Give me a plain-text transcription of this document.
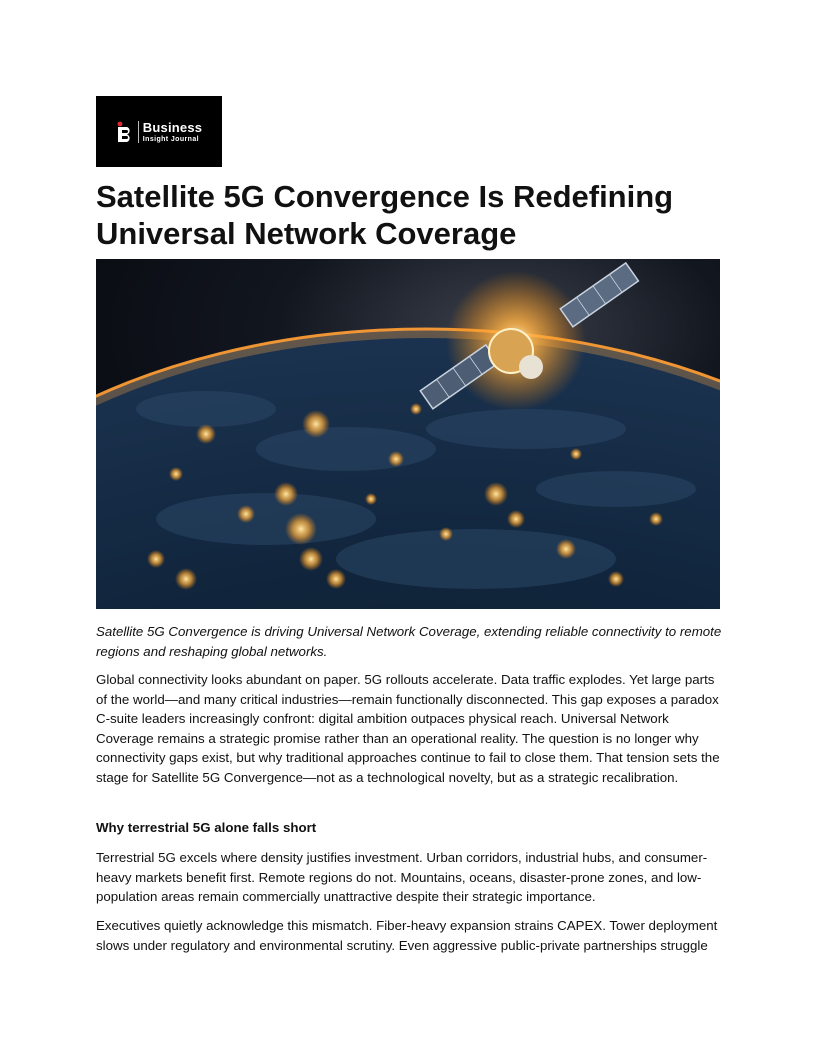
Business
Insight Journal
Satellite 5G Convergence Is Redefining Universal Network Coverage

Satellite 5G Convergence is driving Universal Network Coverage, extending reliable connectivity to remote regions and reshaping global networks.

Global connectivity looks abundant on paper. 5G rollouts accelerate. Data traffic explodes. Yet large parts of the world—and many critical industries—remain functionally disconnected. This gap exposes a paradox C-suite leaders increasingly confront: digital ambition outpaces physical reach. Universal Network Coverage remains a strategic promise rather than an operational reality. The question is no longer why connectivity gaps exist, but why traditional approaches continue to fail to close them. That tension sets the stage for Satellite 5G Convergence—not as a technological novelty, but as a strategic recalibration.

Why terrestrial 5G alone falls short

Terrestrial 5G excels where density justifies investment. Urban corridors, industrial hubs, and consumer-heavy markets benefit first. Remote regions do not. Mountains, oceans, disaster-prone zones, and low-population areas remain commercially unattractive despite their strategic importance.

Executives quietly acknowledge this mismatch. Fiber-heavy expansion strains CAPEX. Tower deployment slows under regulatory and environmental scrutiny. Even aggressive public-private partnerships struggle
